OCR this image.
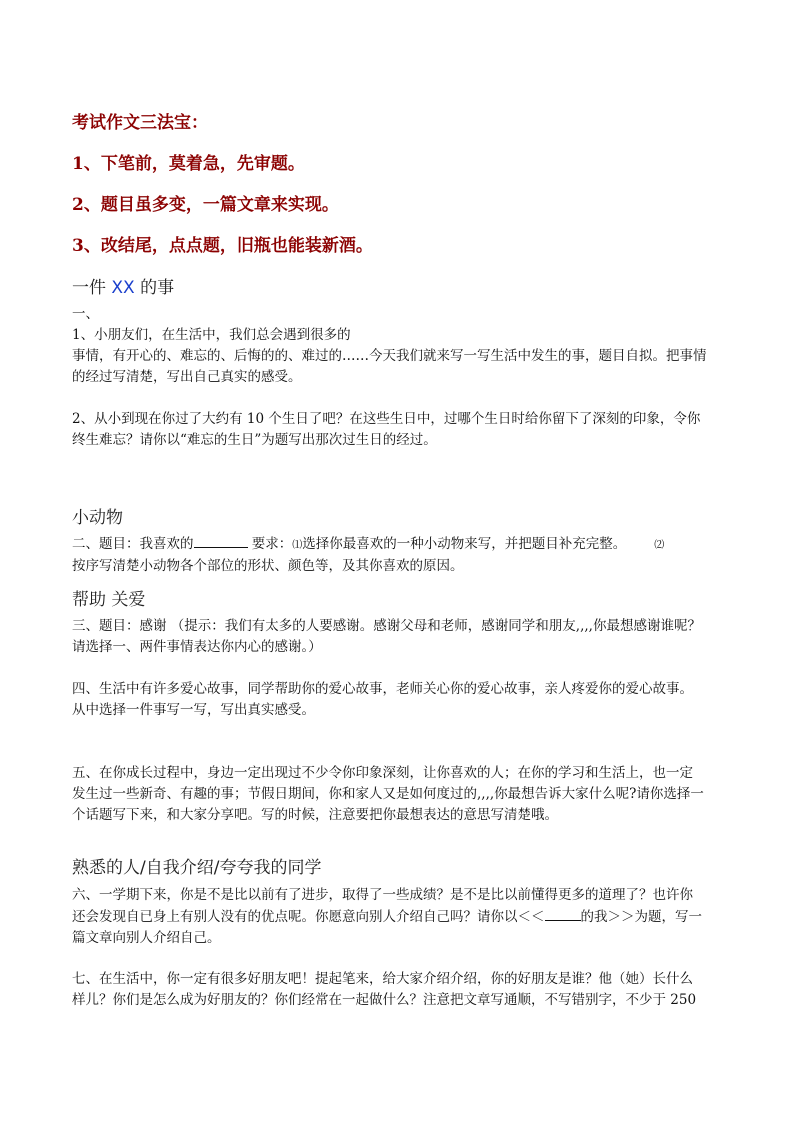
考试作文三法宝：
1、下笔前，莫着急，先审题。
2、题目虽多变，一篇文章来实现。
3、改结尾，点点题，旧瓶也能装新酒。
一件 XX 的事
一、
1、小朋友们，在生活中，我们总会遇到很多的
事情，有开心的、难忘的、后悔的的、难过的……今天我们就来写一写生活中发生的事，题目自拟。把事情
的经过写清楚，写出自己真实的感受。
2、从小到现在你过了大约有 10 个生日了吧？在这些生日中，过哪个生日时给你留下了深刻的印象，令你
终生难忘？请你以“难忘的生日”为题写出那次过生日的经过。
小动物
二、题目：我喜欢的	要求：⑴选择你最喜欢的一种小动物来写，并把题目补充完整。	⑵
按序写清楚小动物各个部位的形状、颜色等，及其你喜欢的原因。
帮助 关爱
三、题目：感谢 （提示：我们有太多的人要感谢。感谢父母和老师，感谢同学和朋友,,,,你最想感谢谁呢？
请选择一、两件事情表达你内心的感谢。）
四、生活中有许多爱心故事，同学帮助你的爱心故事，老师关心你的爱心故事，亲人疼爱你的爱心故事。
从中选择一件事写一写，写出真实感受。
五、在你成长过程中，身边一定出现过不少令你印象深刻，让你喜欢的人；在你的学习和生活上，也一定
发生过一些新奇、有趣的事；节假日期间，你和家人又是如何度过的,,,,你最想告诉大家什么呢?请你选择一
个话题写下来，和大家分享吧。写的时候，注意要把你最想表达的意思写清楚哦。
熟悉的人/自我介绍/夸夸我的同学
六、一学期下来，你是不是比以前有了进步，取得了一些成绩？是不是比以前懂得更多的道理了？也许你
还会发现自已身上有别人没有的优点呢。你愿意向别人介绍自己吗？请你以＜＜	的我＞＞为题，写一
篇文章向别人介绍自己。
七、在生活中，你一定有很多好朋友吧！提起笔来，给大家介绍介绍，你的好朋友是谁？他（她）长什么
样儿？你们是怎么成为好朋友的？你们经常在一起做什么？注意把文章写通顺，不写错别字，不少于 250
